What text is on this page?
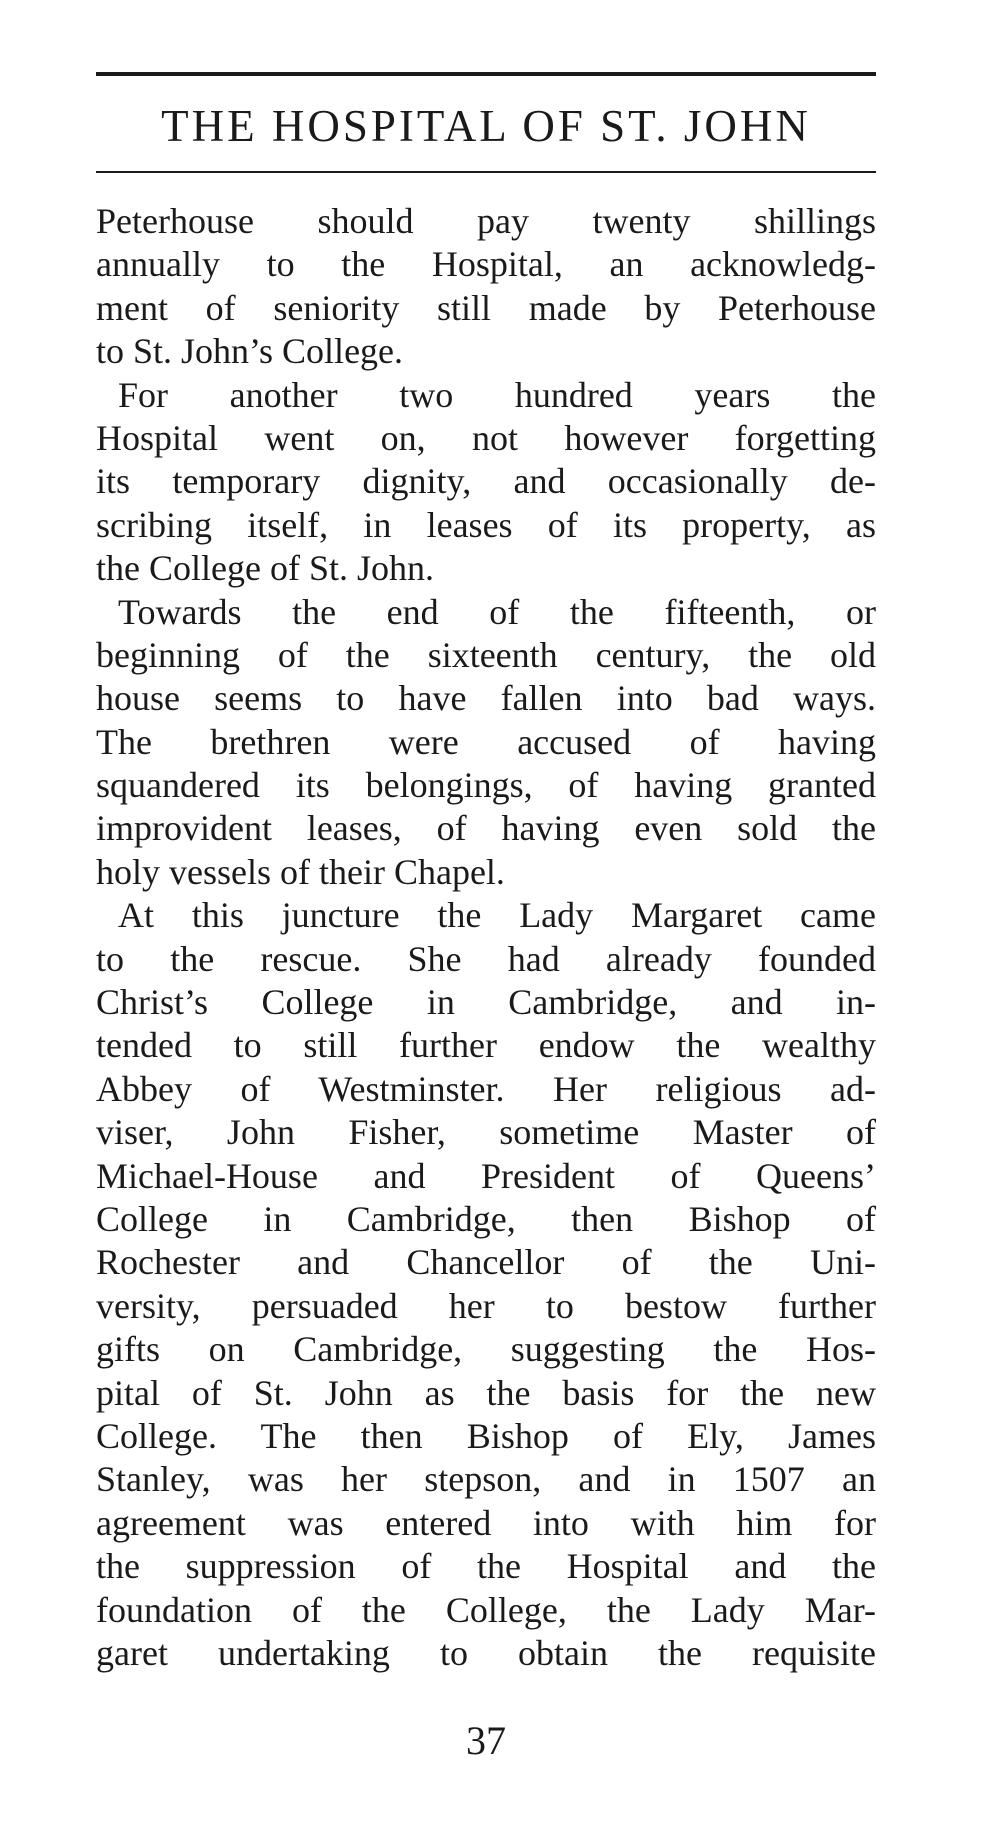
THE HOSPITAL OF ST. JOHN
Peterhouse should pay twenty shillings
annually to the Hospital, an acknowledg-
ment of seniority still made by Peterhouse
to St. John’s College.
For another two hundred years the
Hospital went on, not however forgetting
its temporary dignity, and occasionally de-
scribing itself, in leases of its property, as
the College of St. John.
Towards the end of the fifteenth, or
beginning of the sixteenth century, the old
house seems to have fallen into bad ways.
The brethren were accused of having
squandered its belongings, of having granted
improvident leases, of having even sold the
holy vessels of their Chapel.
At this juncture the Lady Margaret came
to the rescue. She had already founded
Christ’s College in Cambridge, and in-
tended to still further endow the wealthy
Abbey of Westminster. Her religious ad-
viser, John Fisher, sometime Master of
Michael-House and President of Queens’
College in Cambridge, then Bishop of
Rochester and Chancellor of the Uni-
versity, persuaded her to bestow further
gifts on Cambridge, suggesting the Hos-
pital of St. John as the basis for the new
College. The then Bishop of Ely, James
Stanley, was her stepson, and in 1507 an
agreement was entered into with him for
the suppression of the Hospital and the
foundation of the College, the Lady Mar-
garet undertaking to obtain the requisite
37
